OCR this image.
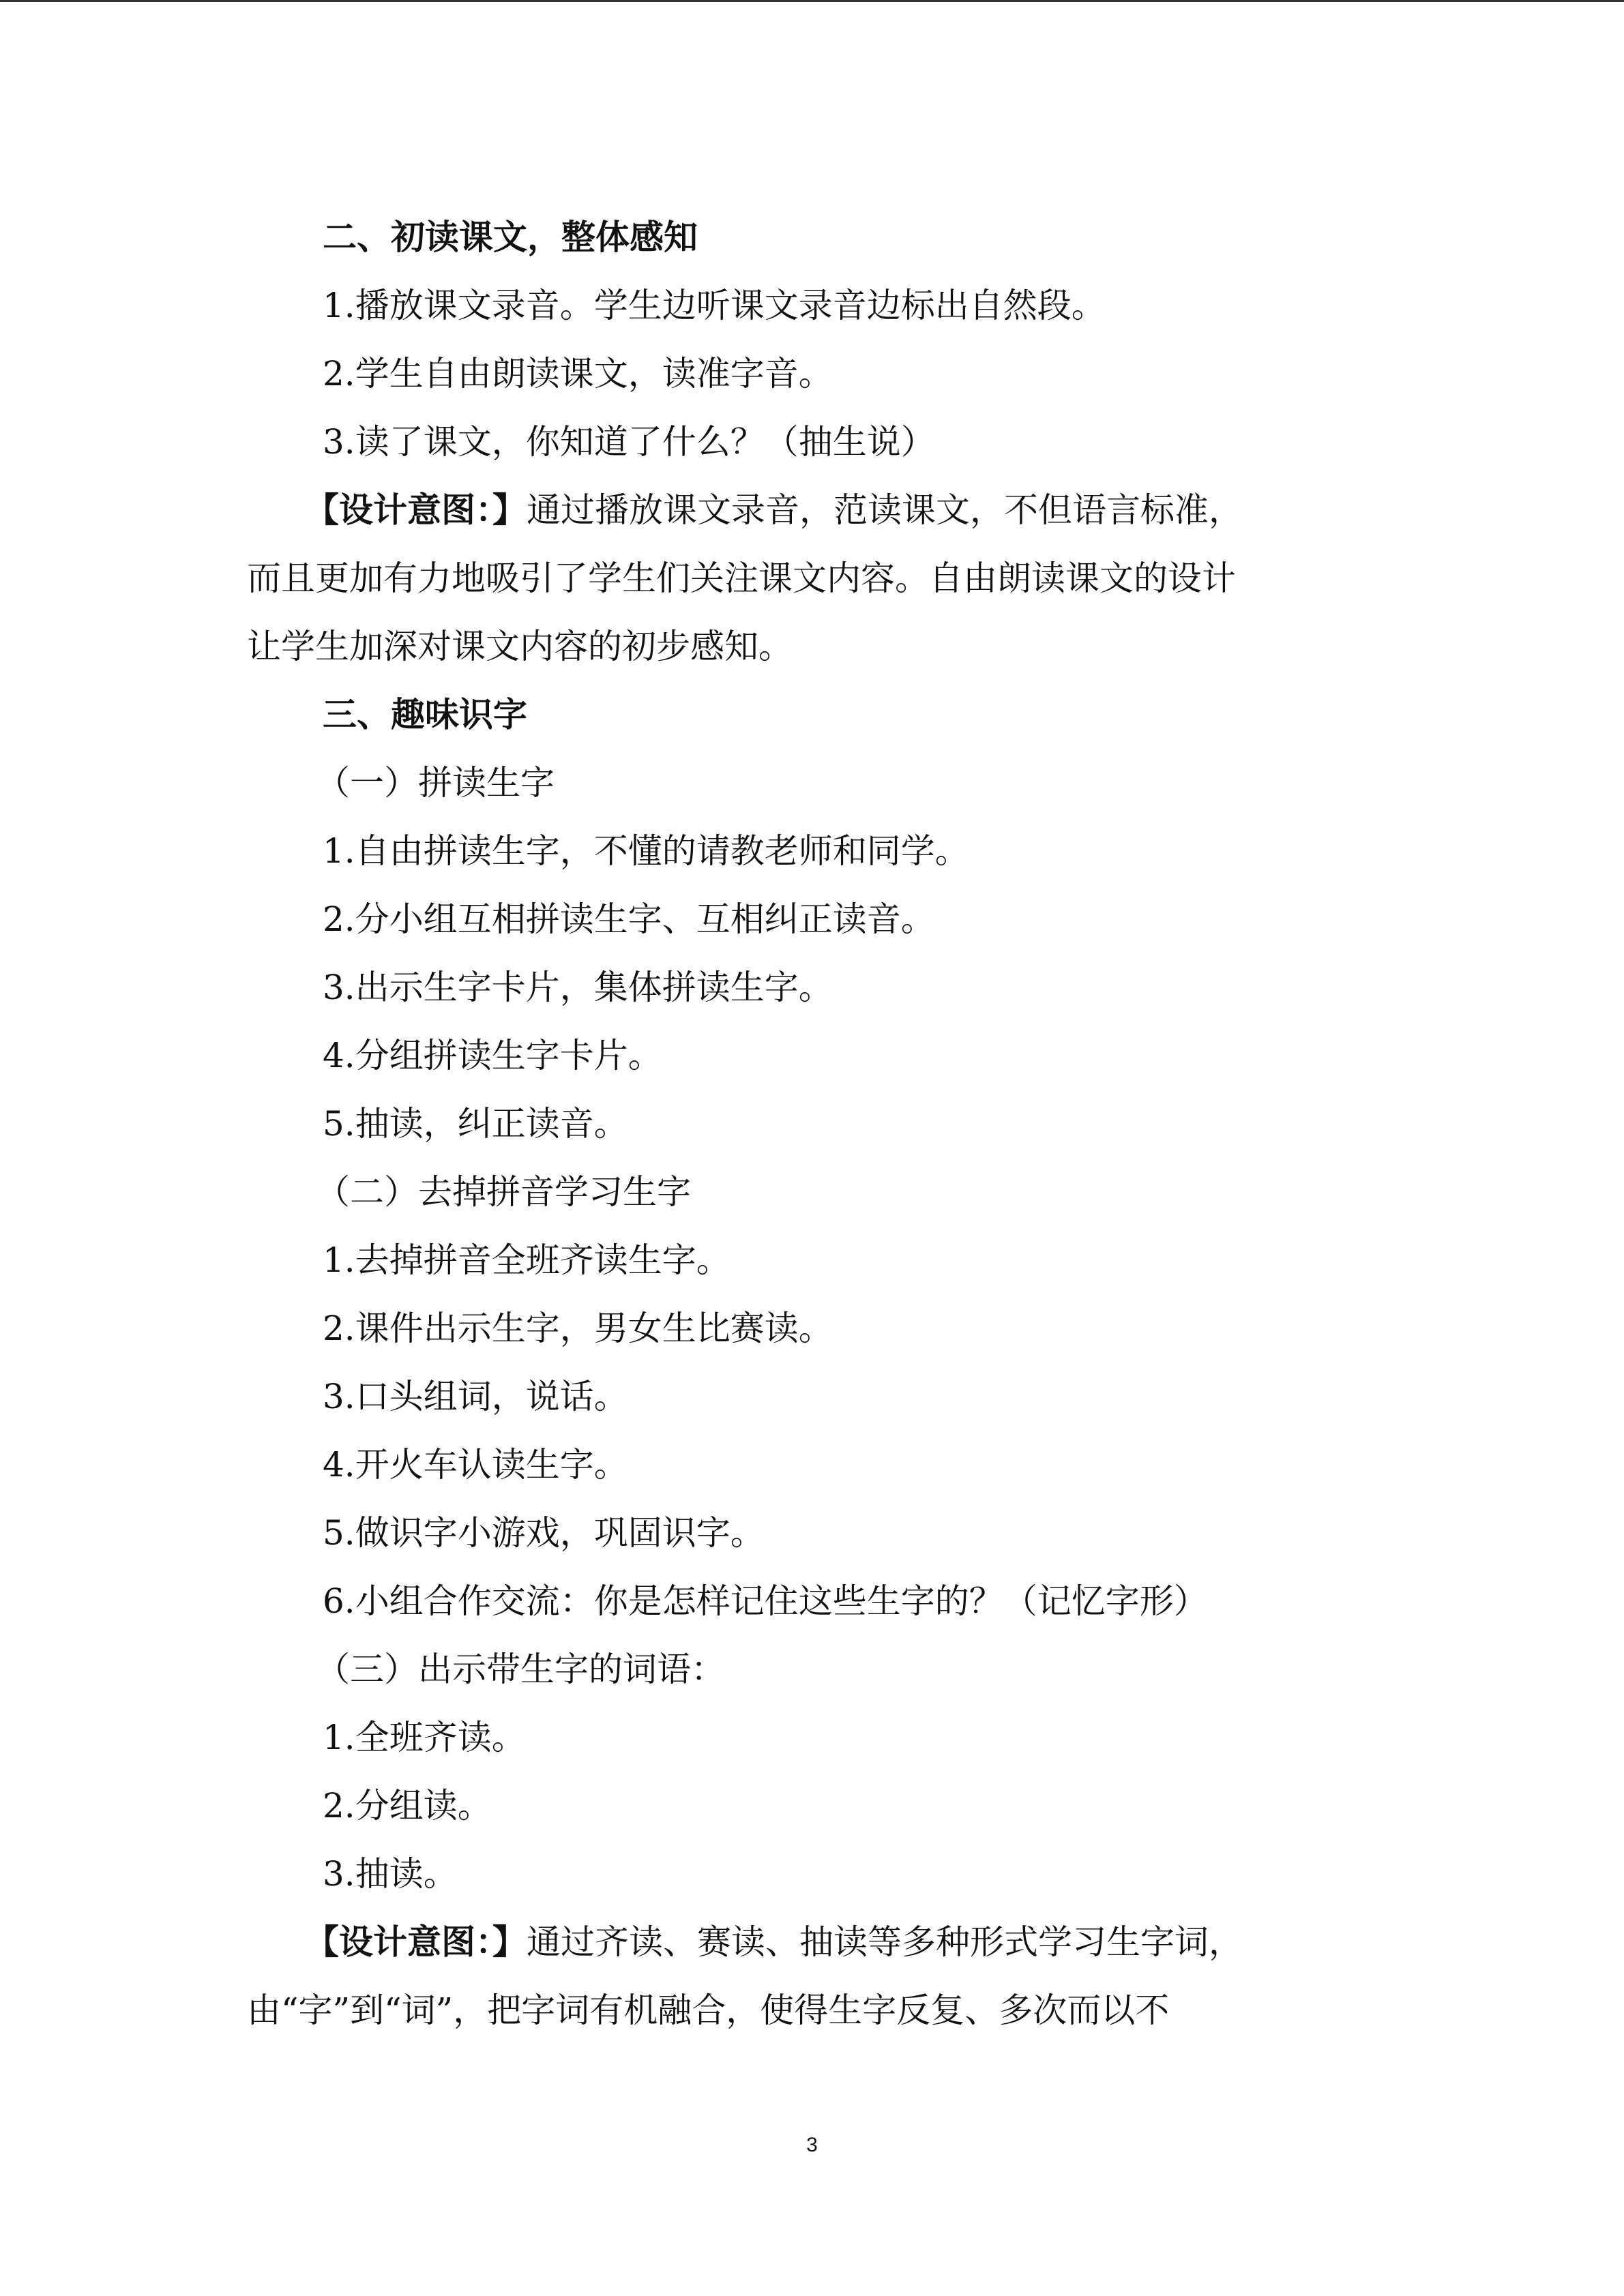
二、初读课文，整体感知
1.播放课文录音。学生边听课文录音边标出自然段。
2.学生自由朗读课文，读准字音。
3.读了课文，你知道了什么？（抽生说）
【设计意图：】通过播放课文录音，范读课文，不但语言标准，
而且更加有力地吸引了学生们关注课文内容。自由朗读课文的设计
让学生加深对课文内容的初步感知。
三、趣味识字
（一）拼读生字
1.自由拼读生字，不懂的请教老师和同学。
2.分小组互相拼读生字、互相纠正读音。
3.出示生字卡片，集体拼读生字。
4.分组拼读生字卡片。
5.抽读，纠正读音。
（二）去掉拼音学习生字
1.去掉拼音全班齐读生字。
2.课件出示生字，男女生比赛读。
3.口头组词，说话。
4.开火车认读生字。
5.做识字小游戏，巩固识字。
6.小组合作交流：你是怎样记住这些生字的？（记忆字形）
（三）出示带生字的词语：
1.全班齐读。
2.分组读。
3.抽读。
【设计意图：】通过齐读、赛读、抽读等多种形式学习生字词，
由“字”到“词”，把字词有机融合，使得生字反复、多次而以不
3
